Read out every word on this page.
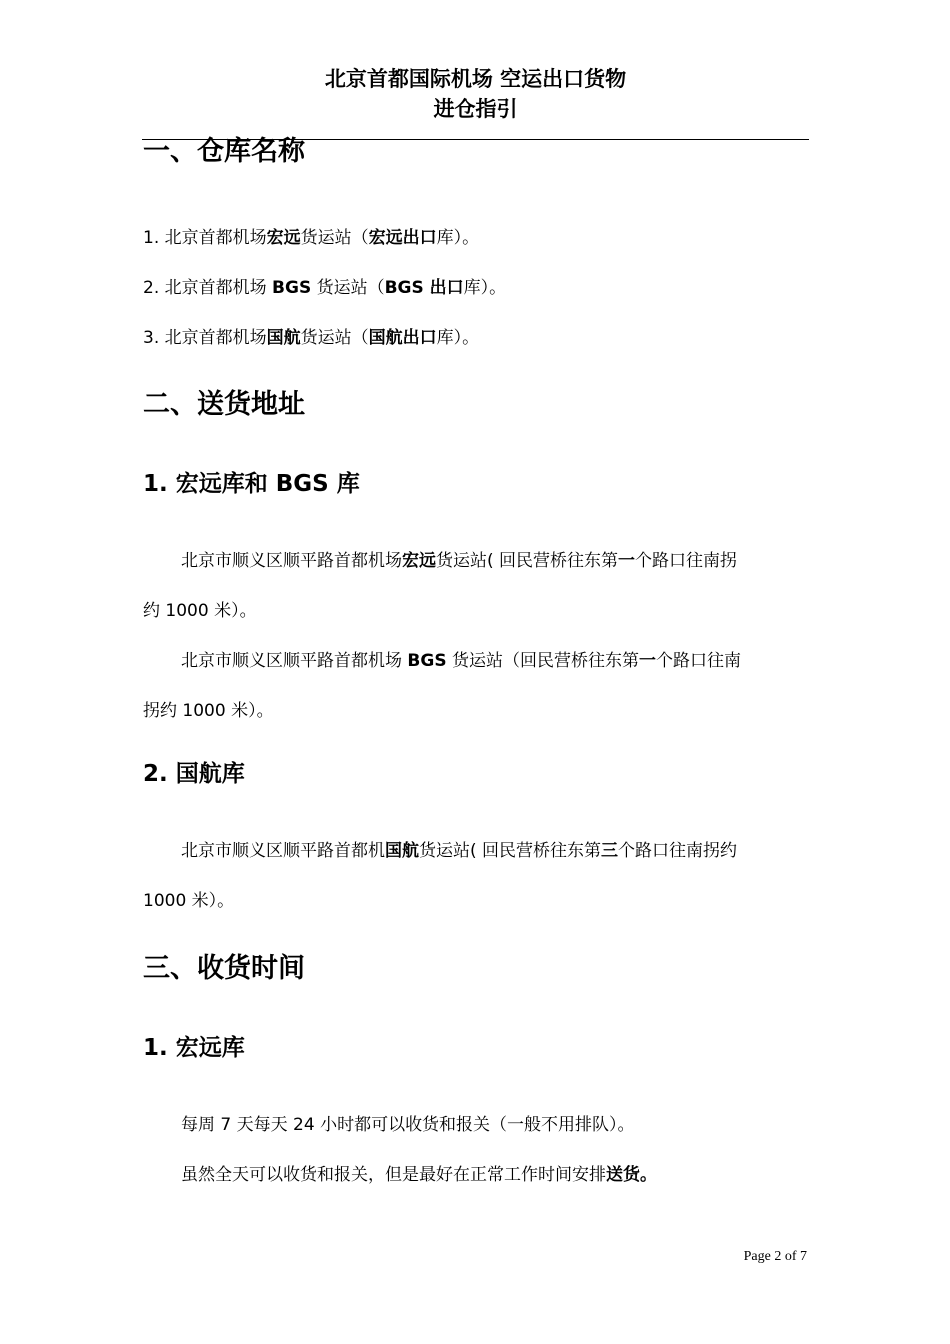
北京首都国际机场 空运出口货物
进仓指引
一、仓库名称
1. 北京首都机场宏远货运站（宏远出口库）。
2. 北京首都机场 BGS 货运站（BGS 出口库）。
3. 北京首都机场国航货运站（国航出口库）。
二、送货地址
1. 宏远库和 BGS 库
北京市顺义区顺平路首都机场宏远货运站( 回民营桥往东第一个路口往南拐
约 1000 米）。
北京市顺义区顺平路首都机场 BGS 货运站（回民营桥往东第一个路口往南
拐约 1000 米）。
2. 国航库
北京市顺义区顺平路首都机国航货运站( 回民营桥往东第三个路口往南拐约
1000 米）。
三、收货时间
1. 宏远库
每周 7 天每天 24 小时都可以收货和报关（一般不用排队）。
虽然全天可以收货和报关，但是最好在正常工作时间安排送货。
Page 2 of 7
